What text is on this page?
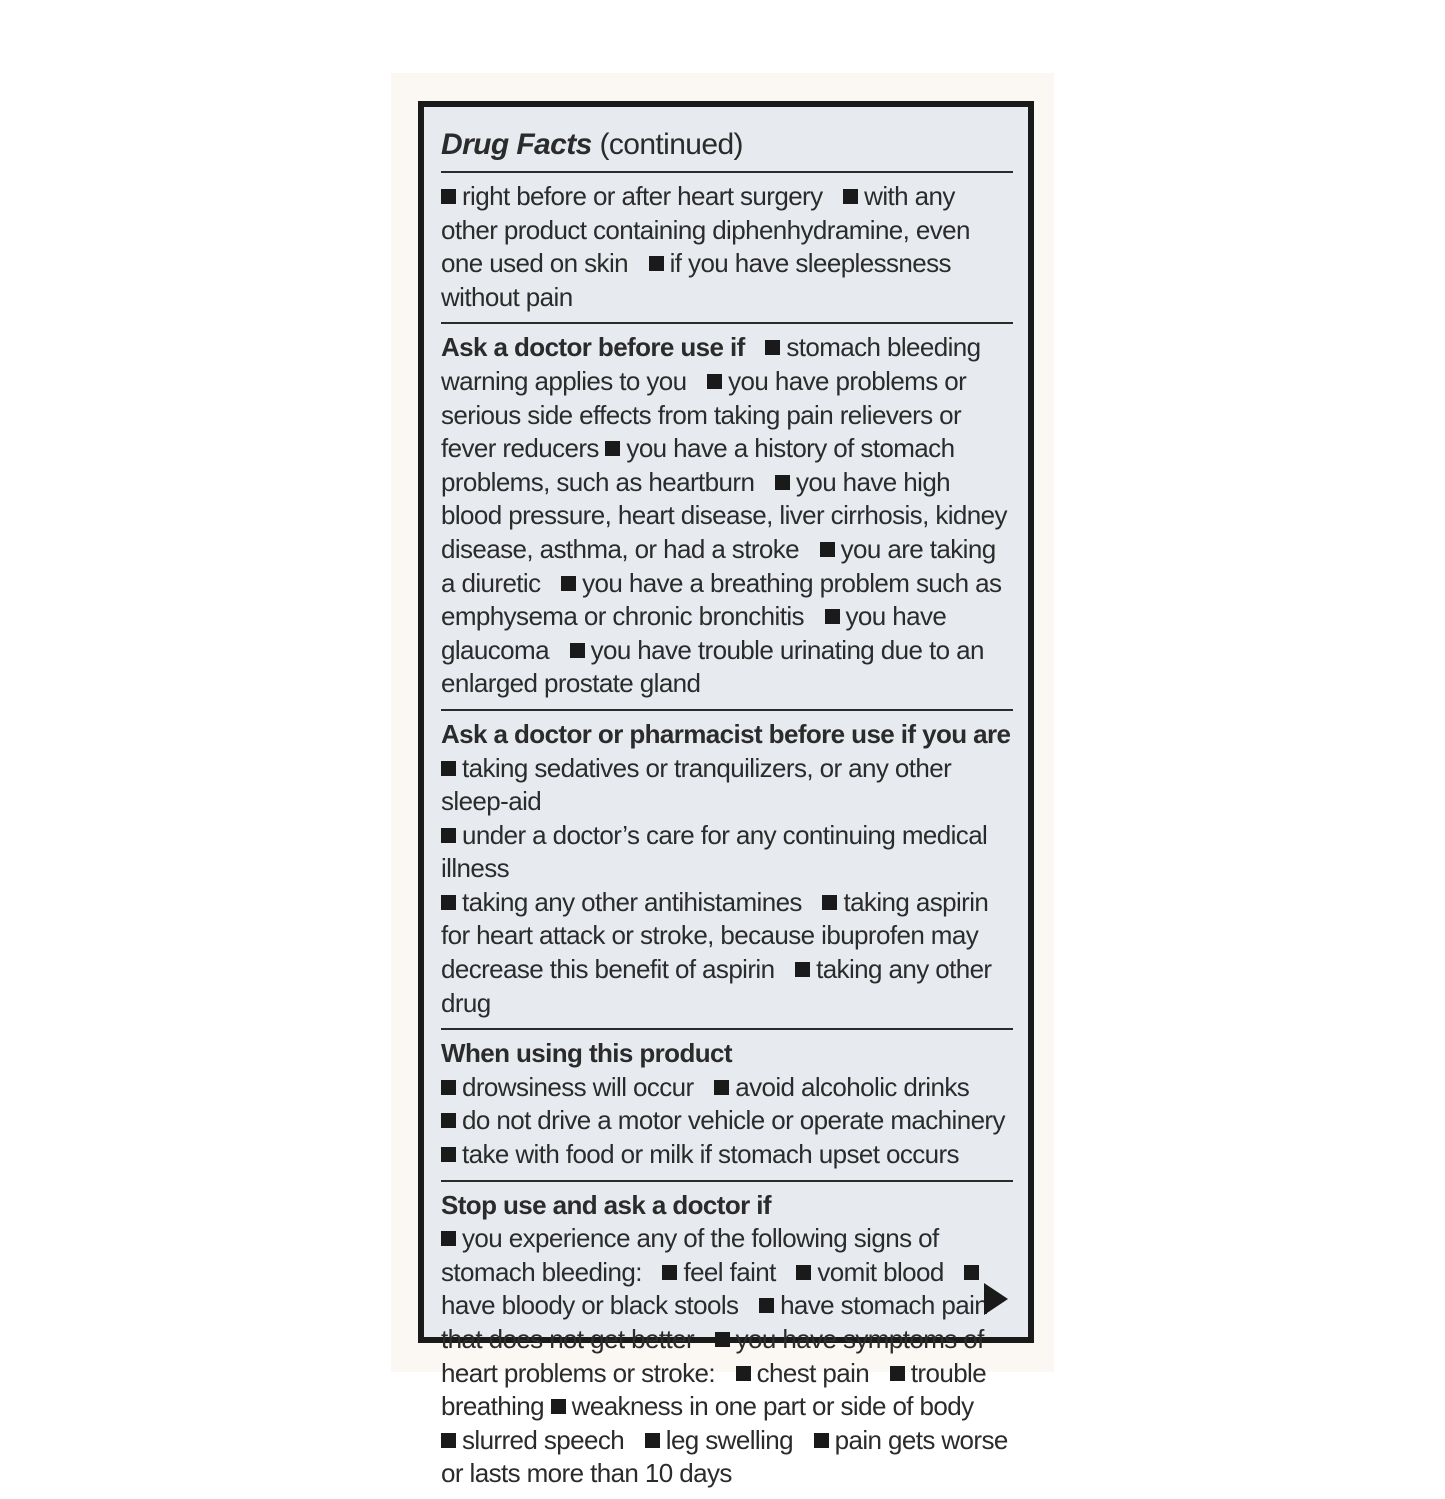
Drug Facts (continued)
right before or after heart surgery with any other product containing diphenhydramine, even one used on skin if you have sleeplessness without pain
Ask a doctor before use if stomach bleeding warning applies to you you have problems or serious side effects from taking pain relievers or fever reducers you have a history of stomach problems, such as heartburn you have high blood pressure, heart disease, liver cirrhosis, kidney disease, asthma, or had a stroke you are taking a diuretic you have a breathing problem such as emphysema or chronic bronchitis you have glaucoma you have trouble urinating due to an enlarged prostate gland
Ask a doctor or pharmacist before use if you are
taking sedatives or tranquilizers, or any other sleep-aid
under a doctor’s care for any continuing medical illness
taking any other antihistamines taking aspirin for heart attack or stroke, because ibuprofen may decrease this benefit of aspirin taking any other drug
When using this product
drowsiness will occur avoid alcoholic drinks
do not drive a motor vehicle or operate machinery
take with food or milk if stomach upset occurs
Stop use and ask a doctor if
you experience any of the following signs of stomach bleeding: feel faint vomit blood have bloody or black stools have stomach pain that does not get better you have symptoms of heart problems or stroke: chest pain trouble breathing weakness in one part or side of body slurred speech leg swelling pain gets worse or lasts more than 10 days
